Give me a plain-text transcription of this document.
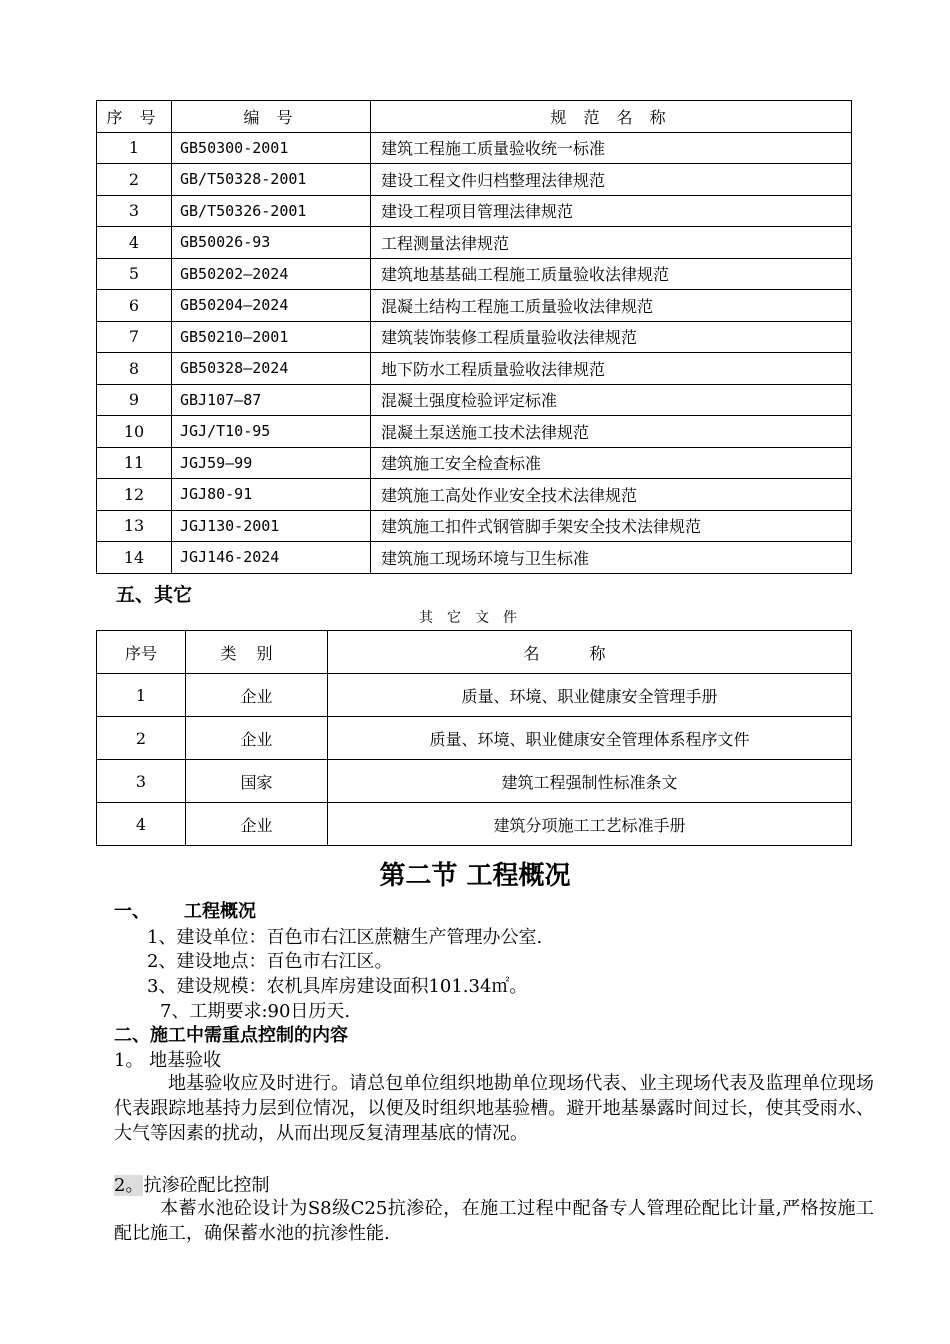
序 号	编 号	规 范 名 称
1	GB50300-2001	建筑工程施工质量验收统一标准
2	GB/T50328-2001	建设工程文件归档整理法律规范
3	GB/T50326-2001	建设工程项目管理法律规范
4	GB50026-93	工程测量法律规范
5	GB50202—2024	建筑地基基础工程施工质量验收法律规范
6	GB50204—2024	混凝土结构工程施工质量验收法律规范
7	GB50210—2001	建筑装饰装修工程质量验收法律规范
8	GB50328—2024	地下防水工程质量验收法律规范
9	GBJ107—87	混凝土强度检验评定标准
10	JGJ/T10-95	混凝土泵送施工技术法律规范
11	JGJ59—99	建筑施工安全检查标准
12	JGJ80-91	建筑施工高处作业安全技术法律规范
13	JGJ130-2001	建筑施工扣件式钢管脚手架安全技术法律规范
14	JGJ146-2024	建筑施工现场环境与卫生标准
五、其它
其它文件
序号	类别	名称
1	企业	质量、环境、职业健康安全管理手册
2	企业	质量、环境、职业健康安全管理体系程序文件
3	国家	建筑工程强制性标准条文
4	企业	建筑分项施工工艺标准手册
第二节 工程概况
一、 工程概况
1、建设单位：百色市右江区蔗糖生产管理办公室.
2、建设地点：百色市右江区。
3、建设规模：农机具库房建设面积101.34㎡。
7、工期要求:90日历天.
二、施工中需重点控制的内容
1。 地基验收
地基验收应及时进行。请总包单位组织地勘单位现场代表、业主现场代表及监理单位现场代表跟踪地基持力层到位情况，以便及时组织地基验槽。避开地基暴露时间过长，使其受雨水、大气等因素的扰动，从而出现反复清理基底的情况。
2。抗渗砼配比控制
本蓄水池砼设计为S8级C25抗渗砼，在施工过程中配备专人管理砼配比计量,严格按施工配比施工，确保蓄水池的抗渗性能.
